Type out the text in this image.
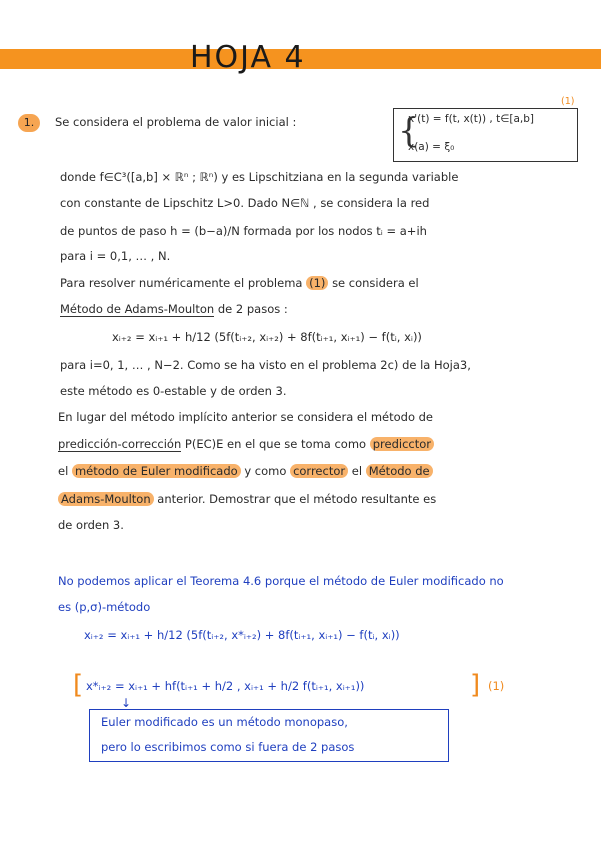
HOJA 4
1.	Se considera el problema de valor inicial :
(1)
{
x'(t) = f(t, x(t)) , t∈[a,b]
x(a) = ξ₀
donde f∈C³([a,b] × ℝⁿ ; ℝⁿ) y es Lipschitziana en la segunda variable
con constante de Lipschitz L>0. Dado N∈ℕ , se considera la red
de puntos de paso h = (b−a)/N formada por los nodos tᵢ = a+ih
para i = 0,1, … , N.
Para resolver numéricamente el problema (1) se considera el
Método de Adams-Moulton de 2 pasos :
xᵢ₊₂ = xᵢ₊₁ + h/12 (5f(tᵢ₊₂, xᵢ₊₂) + 8f(tᵢ₊₁, xᵢ₊₁) − f(tᵢ, xᵢ))
para i=0, 1, … , N−2. Como se ha visto en el problema 2c) de la Hoja3,
este método es 0-estable y de orden 3.
En lugar del método implícito anterior se considera el método de
predicción-corrección P(EC)E en el que se toma como predicctor
el método de Euler modificado y como corrector el Método de
Adams-Moulton anterior. Demostrar que el método resultante es
de orden 3.
No podemos aplicar el Teorema 4.6 porque el método de Euler modificado no
es (p,σ)-método
xᵢ₊₂ = xᵢ₊₁ + h/12 (5f(tᵢ₊₂, x*ᵢ₊₂) + 8f(tᵢ₊₁, xᵢ₊₁) − f(tᵢ, xᵢ))
[ x*ᵢ₊₂ = xᵢ₊₁ + hf(tᵢ₊₁ + h/2 , xᵢ₊₁ + h/2 f(tᵢ₊₁, xᵢ₊₁))	] (1)
↓
Euler modificado es un método monopaso,
pero lo escribimos como si fuera de 2 pasos
